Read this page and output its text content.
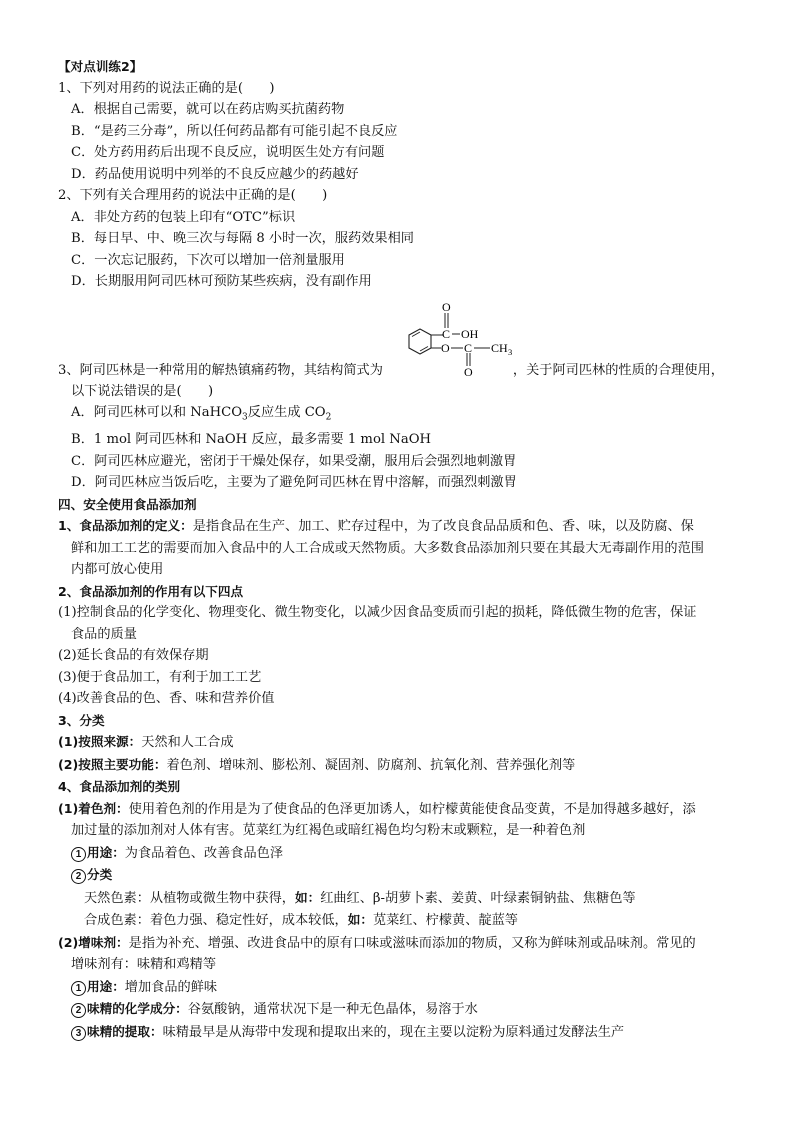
【对点训练2】
1、下列对用药的说法正确的是(　　)
A．根据自己需要，就可以在药店购买抗菌药物
B．“是药三分毒”，所以任何药品都有可能引起不良反应
C．处方药用药后出现不良反应，说明医生处方有问题
D．药品使用说明中列举的不良反应越少的药越好
2、下列有关合理用药的说法中正确的是(　　)
A．非处方药的包装上印有“OTC”标识
B．每日早、中、晚三次与每隔 8 小时一次，服药效果相同
C．一次忘记服药，下次可以增加一倍剂量服用
D．长期服用阿司匹林可预防某些疾病，没有副作用
O
C OH
O C CH 3
O
3、阿司匹林是一种常用的解热镇痛药物，其结构简式为	，关于阿司匹林的性质的合理使用，
以下说法错误的是(　　)
A．阿司匹林可以和 NaHCO$_3$反应生成 $CO_2$
B．1 mol 阿司匹林和 NaOH 反应，最多需要 1 mol NaOH
C．阿司匹林应避光，密闭于干燥处保存，如果受潮，服用后会强烈地刺激胃
D．阿司匹林应当饭后吃，主要为了避免阿司匹林在胃中溶解，而强烈刺激胃
四、安全使用食品添加剂
1、食品添加剂的定义：是指食品在生产、加工、贮存过程中，为了改良食品品质和色、香、味，以及防腐、保
鲜和加工工艺的需要而加入食品中的人工合成或天然物质。大多数食品添加剂只要在其最大无毒副作用的范围
内都可放心使用
2、食品添加剂的作用有以下四点
(1)控制食品的化学变化、物理变化、微生物变化，以减少因食品变质而引起的损耗，降低微生物的危害，保证
食品的质量
(2)延长食品的有效保存期
(3)便于食品加工，有利于加工工艺
(4)改善食品的色、香、味和营养价值
3、分类
(1)按照来源：天然和人工合成
(2)按照主要功能：着色剂、增味剂、膨松剂、凝固剂、防腐剂、抗氧化剂、营养强化剂等
4、食品添加剂的类别
(1)着色剂：使用着色剂的作用是为了使食品的色泽更加诱人，如柠檬黄能使食品变黄，不是加得越多越好，添
加过量的添加剂对人体有害。苋菜红为红褐色或暗红褐色均匀粉末或颗粒，是一种着色剂
1 用途：为食品着色、改善食品色泽
2 分类
天然色素：从植物或微生物中获得，如：红曲红、β-胡萝卜素、姜黄、叶绿素铜钠盐、焦糖色等
合成色素：着色力强、稳定性好，成本较低，如：苋菜红、柠檬黄、靛蓝等
(2)增味剂：是指为补充、增强、改进食品中的原有口味或滋味而添加的物质，又称为鲜味剂或品味剂。常见的
增味剂有：味精和鸡精等
1 用途：增加食品的鲜味
2 味精的化学成分：谷氨酸钠，通常状况下是一种无色晶体，易溶于水
3 味精的提取：味精最早是从海带中发现和提取出来的，现在主要以淀粉为原料通过发酵法生产
